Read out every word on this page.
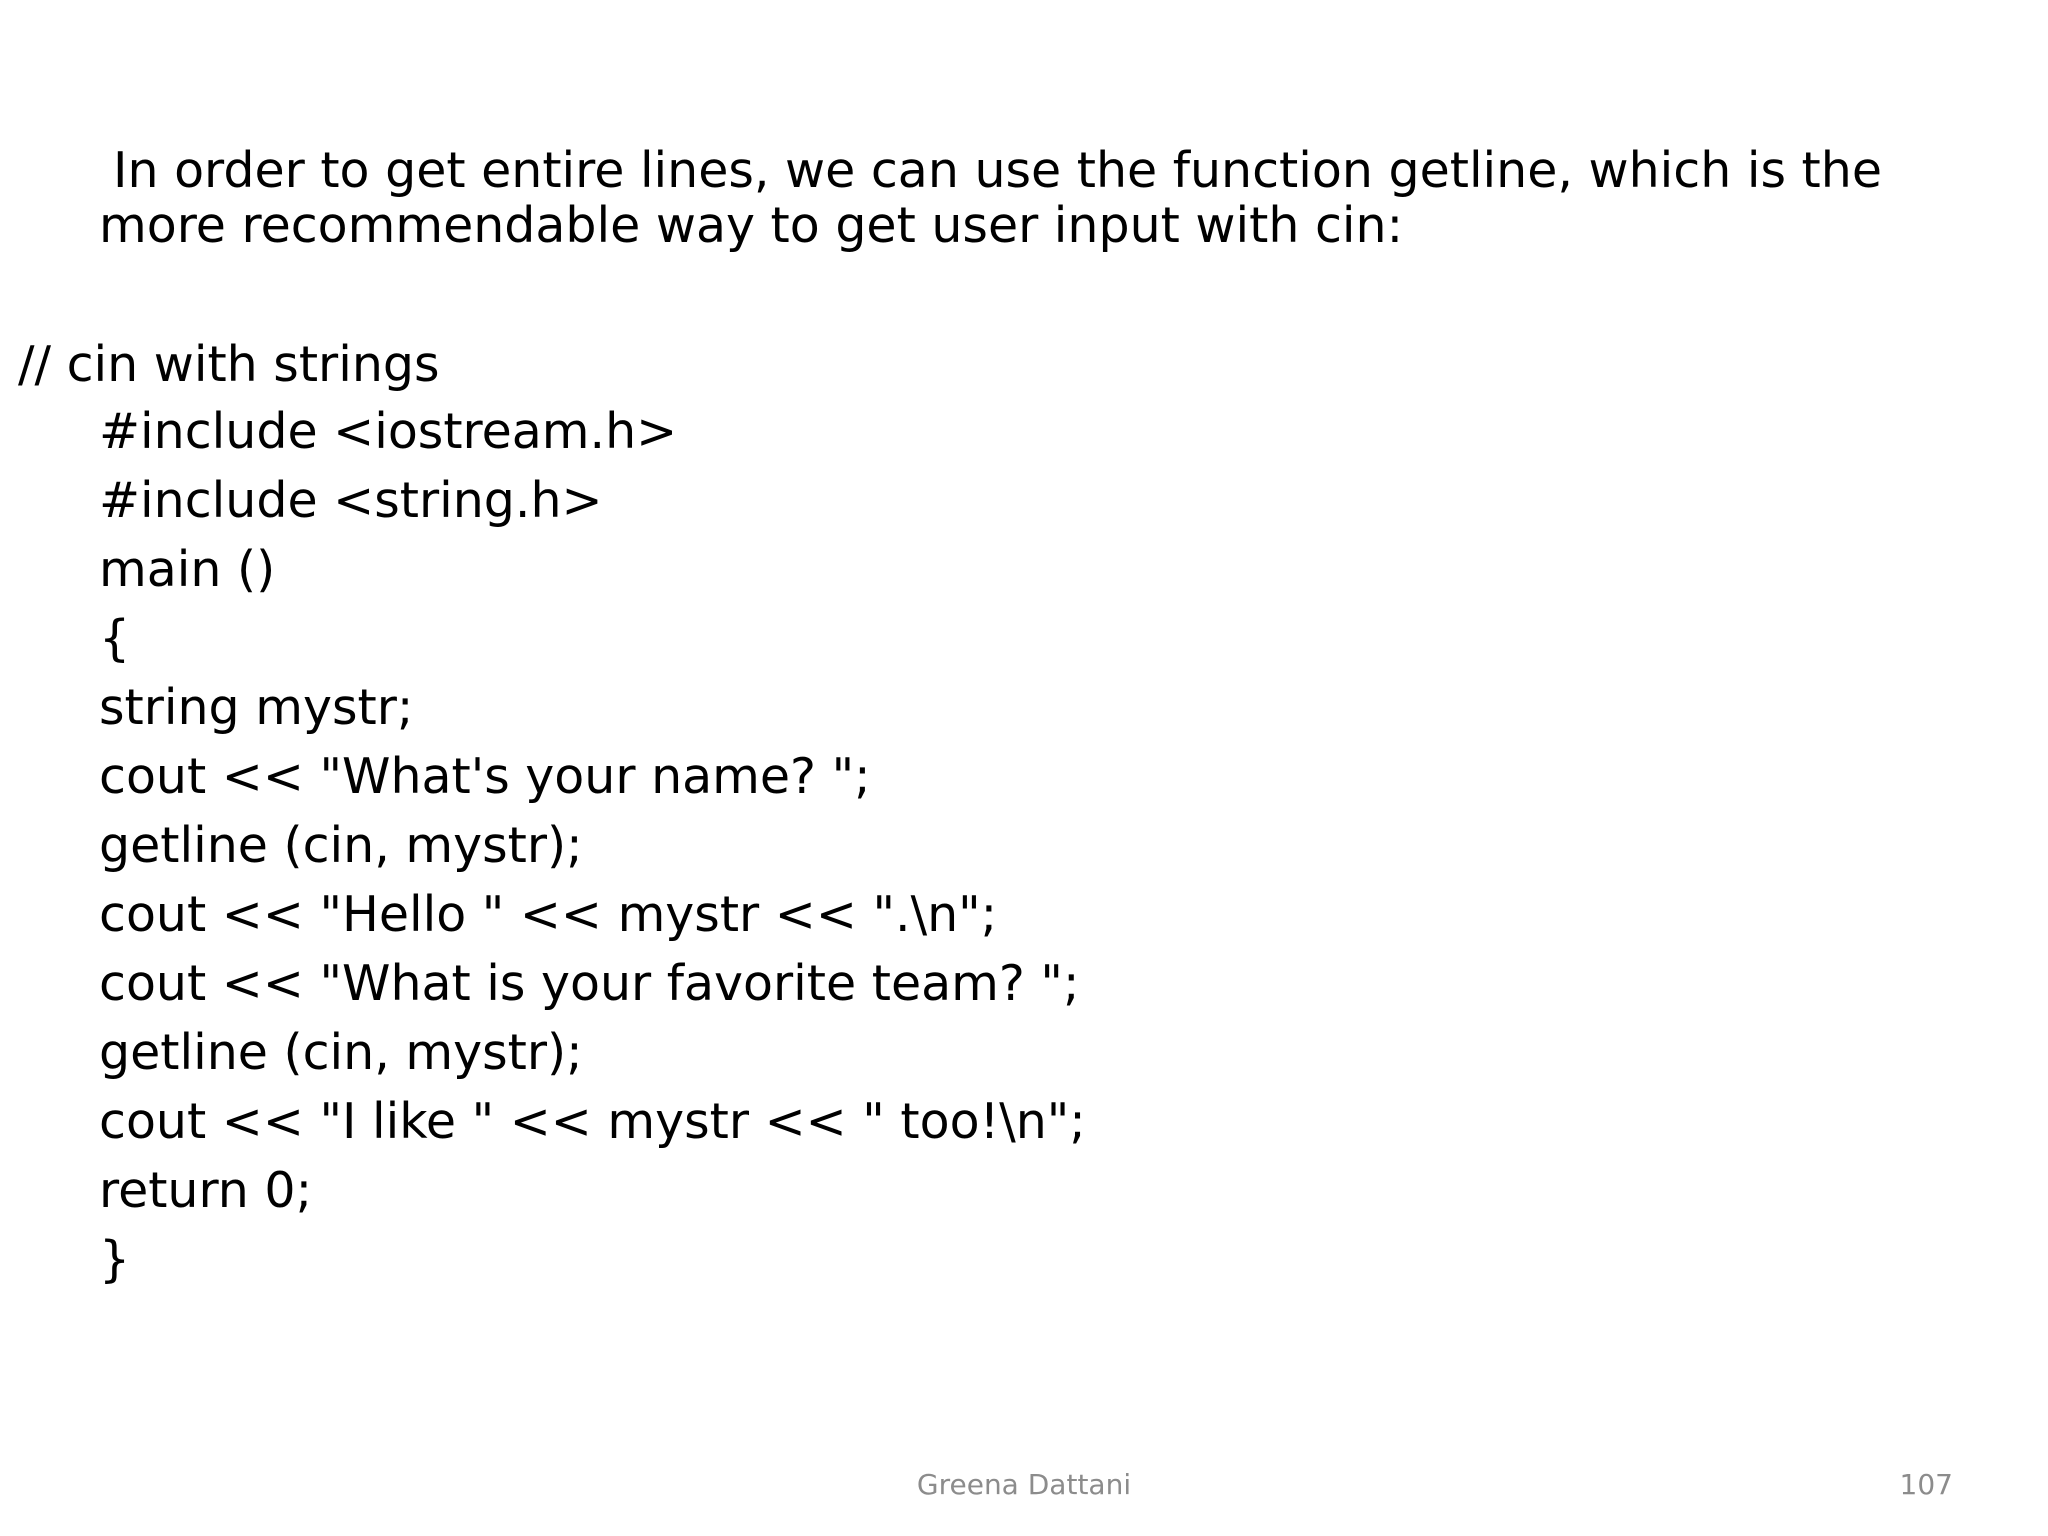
In order to get entire lines, we can use the function getline, which is the
more recommendable way to get user input with cin:

// cin with strings
#include <iostream.h>
#include <string.h>
main ()
{
string mystr;
cout << "What's your name? ";
getline (cin, mystr);
cout << "Hello " << mystr << ".\n";
cout << "What is your favorite team? ";
getline (cin, mystr);
cout << "I like " << mystr << " too!\n";
return 0;
}
Greena Dattani	107
